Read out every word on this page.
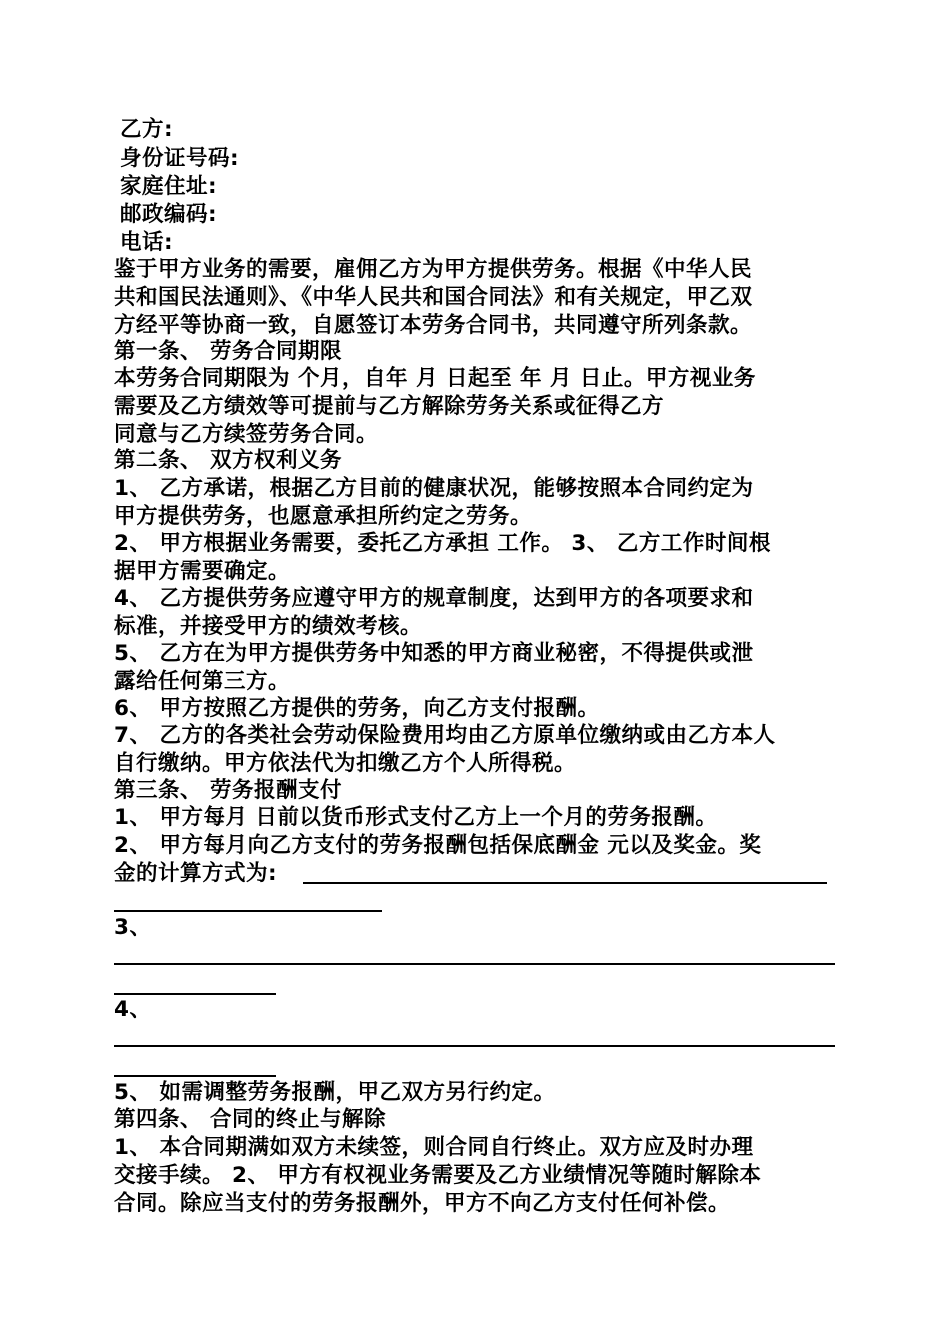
乙方:
身份证号码:
家庭住址:
邮政编码:
电话:
鉴于甲方业务的需要，雇佣乙方为甲方提供劳务。根据《中华人民
共和国民法通则》、《中华人民共和国合同法》和有关规定，甲乙双
方经平等协商一致，自愿签订本劳务合同书，共同遵守所列条款。
第一条、 劳务合同期限
本劳务合同期限为 个月，自年 月 日起至 年 月 日止。甲方视业务
需要及乙方绩效等可提前与乙方解除劳务关系或征得乙方
同意与乙方续签劳务合同。
第二条、 双方权利义务
1、 乙方承诺，根据乙方目前的健康状况，能够按照本合同约定为
甲方提供劳务，也愿意承担所约定之劳务。
2、 甲方根据业务需要，委托乙方承担 工作。 3、 乙方工作时间根
据甲方需要确定。
4、 乙方提供劳务应遵守甲方的规章制度，达到甲方的各项要求和
标准，并接受甲方的绩效考核。
5、 乙方在为甲方提供劳务中知悉的甲方商业秘密，不得提供或泄
露给任何第三方。
6、 甲方按照乙方提供的劳务，向乙方支付报酬。
7、 乙方的各类社会劳动保险费用均由乙方原单位缴纳或由乙方本人
自行缴纳。甲方依法代为扣缴乙方个人所得税。
第三条、 劳务报酬支付
1、 甲方每月 日前以货币形式支付乙方上一个月的劳务报酬。
2、 甲方每月向乙方支付的劳务报酬包括保底酬金 元以及奖金。奖
金的计算方式为:
3、
4、
5、 如需调整劳务报酬，甲乙双方另行约定。
第四条、 合同的终止与解除
1、 本合同期满如双方未续签，则合同自行终止。双方应及时办理
交接手续。 2、 甲方有权视业务需要及乙方业绩情况等随时解除本
合同。除应当支付的劳务报酬外，甲方不向乙方支付任何补偿。
